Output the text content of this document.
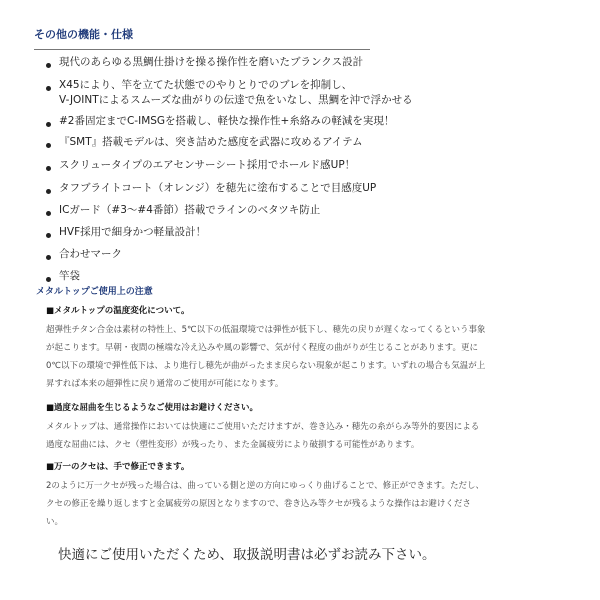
その他の機能・仕様
現代のあらゆる黒鯛仕掛けを操る操作性を磨いたブランクス設計
X45により、竿を立てた状態でのやりとりでのブレを抑制し、
V-JOINTによるスムーズな曲がりの伝達で魚をいなし、黒鯛を沖で浮かせる
#2番固定までC-IMSGを搭載し、軽快な操作性+糸絡みの軽減を実現！
『SMT』搭載モデルは、突き詰めた感度を武器に攻めるアイテム
スクリュータイプのエアセンサーシート採用でホールド感UP！
タフブライトコート（オレンジ）を穂先に塗布することで目感度UP
ICガード（#3～#4番節）搭載でラインのベタツキ防止
HVF採用で細身かつ軽量設計！
合わせマーク
竿袋
メタルトップご使用上の注意
■メタルトップの温度変化について。
超弾性チタン合金は素材の特性上、5℃以下の低温環境では弾性が低下し、穂先の戻りが遅くなってくるという事象
が起こります。早朝・夜間の極端な冷え込みや風の影響で、気が付く程度の曲がりが生じることがあります。更に
0℃以下の環境で弾性低下は、より進行し穂先が曲がったまま戻らない現象が起こります。いずれの場合も気温が上
昇すれば本来の超弾性に戻り通常のご使用が可能になります。
■過度な屈曲を生じるようなご使用はお避けください。
メタルトップは、通常操作においては快適にご使用いただけますが、巻き込み・穂先の糸がらみ等外的要因による
過度な屈曲には、クセ（塑性変形）が残ったり、また金属疲労により破損する可能性があります。
■万一のクセは、手で修正できます。
2のように万一クセが残った場合は、曲っている側と逆の方向にゆっくり曲げることで、修正ができます。ただし、
クセの修正を繰り返しますと金属疲労の原因となりますので、巻き込み等クセが残るような操作はお避けくださ
い。

快適にご使用いただくため、取扱説明書は必ずお読み下さい。
